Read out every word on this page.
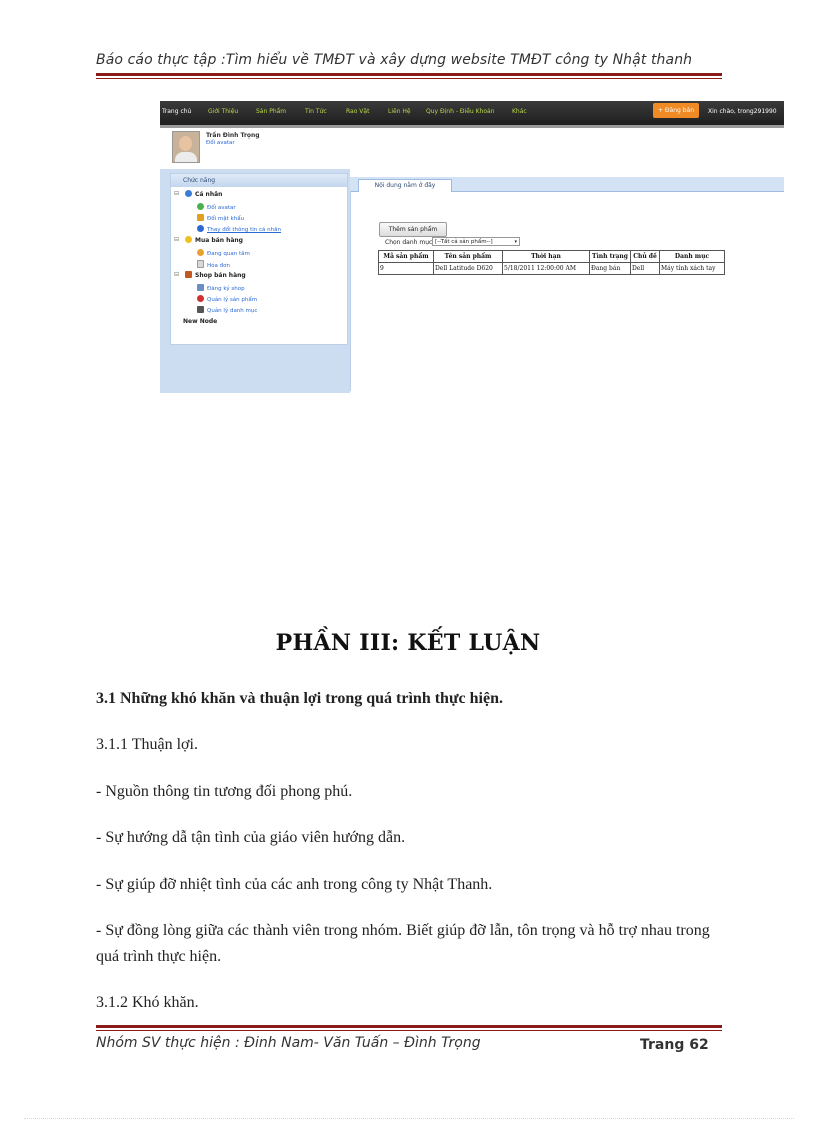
Báo cáo thực tập :Tìm hiểu về TMĐT và xây dựng website TMĐT công ty Nhật thanh
Trang chủ	Giới Thiệu	Sản Phẩm	Tin Tức	Rao Vặt	Liên Hệ	Quy Định - Điều Khoản	Khác	+ Đăng bán	Xin chào, trong291990
Trần Đình Trọng
Đổi avatar
Chức năng
⊟	Cá nhân
Đổi avatar
Đổi mật khẩu
Thay đổi thông tin cá nhân
⊟	Mua bán hàng
Đang quan tâm
Hóa đơn
⊟	Shop bán hàng
Đăng ký shop
Quản lý sản phẩm
Quản lý danh mục
New Node
Nội dung nằm ở đây
Thêm sản phẩm
Chọn danh mục [--Tất cả sản phẩm--]	▾
Mã sản phẩm	Tên sản phẩm	Thời hạn	Tình trạng	Chủ đề	Danh mục
9	Dell Latitude D620	5/18/2011 12:00:00 AM	Đang bán	Dell	Máy tính xách tay
PHẦN III: KẾT LUẬN
3.1 Những khó khăn và thuận lợi trong quá trình thực hiện.
3.1.1 Thuận lợi.
- Nguồn thông tin tương đối phong phú.
- Sự hướng dẫ tận tình của giáo viên hướng dẫn.
- Sự giúp đỡ nhiệt tình của các anh trong công ty Nhật Thanh.
- Sự đồng lòng giữa các thành viên trong nhóm. Biết giúp đỡ lẫn, tôn trọng và hỗ trợ nhau trong quá trình thực hiện.
3.1.2 Khó khăn.
Nhóm SV thực hiện : Đinh Nam- Văn Tuấn – Đình Trọng	Trang 62
